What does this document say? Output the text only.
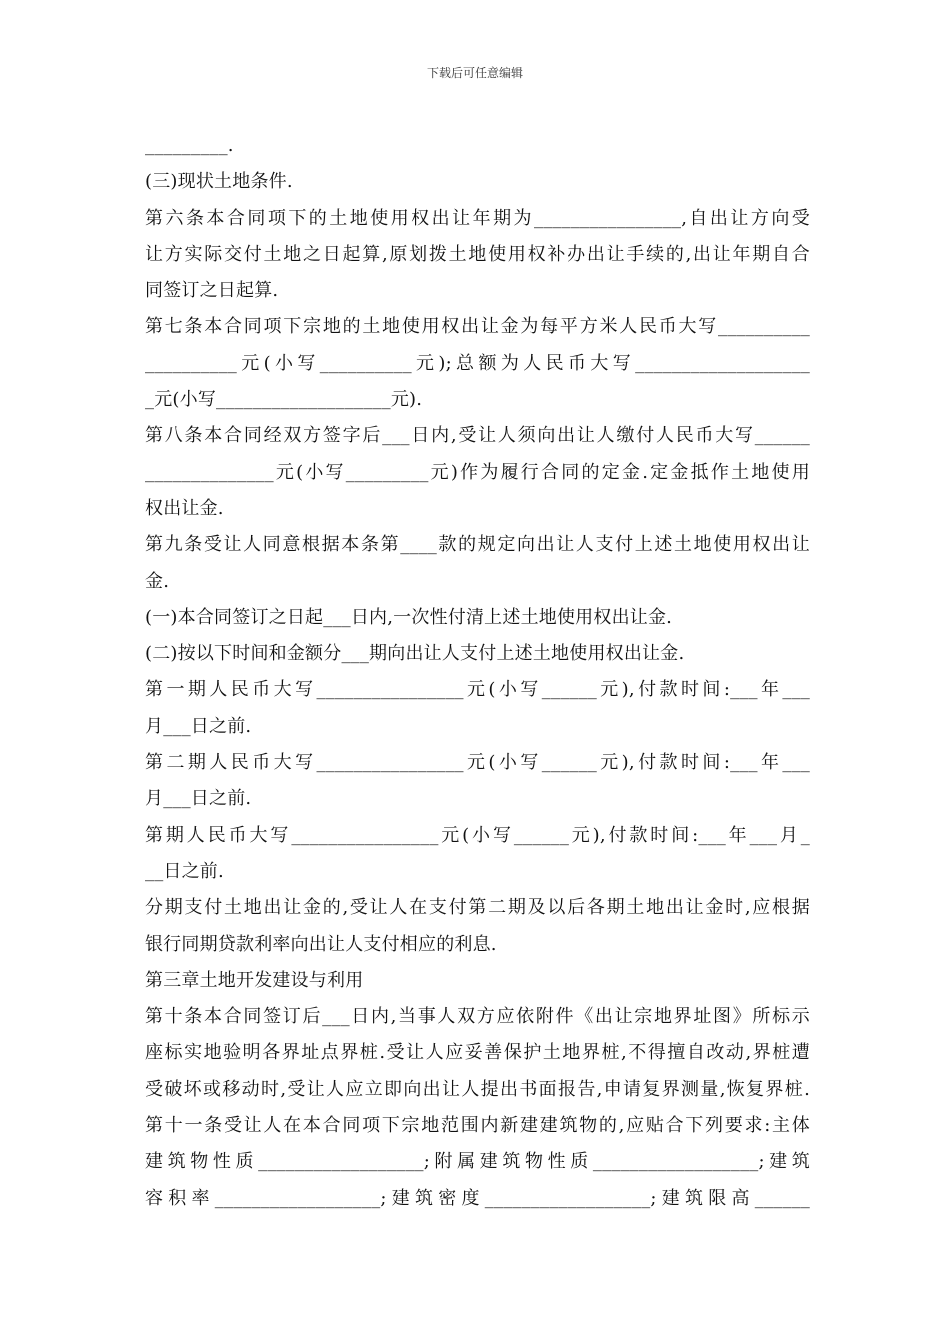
下载后可任意编辑
_________.
(三)现状土地条件.
第六条本合同项下的土地使用权出让年期为________________,自出让方向受
让方实际交付土地之日起算,原划拨土地使用权补办出让手续的,出让年期自合
同签订之日起算.
第七条本合同项下宗地的土地使用权出让金为每平方米人民币大写__________
__________元(小写__________元);总额为人民币大写___________________
_元(小写___________________元).
第八条本合同经双方签字后___日内,受让人须向出让人缴付人民币大写______
______________元(小写_________元)作为履行合同的定金.定金抵作土地使用
权出让金.
第九条受让人同意根据本条第____款的规定向出让人支付上述土地使用权出让
金.
(一)本合同签订之日起___日内,一次性付清上述土地使用权出让金.
(二)按以下时间和金额分___期向出让人支付上述土地使用权出让金.
第一期人民币大写________________元(小写______元),付款时间:___年___
月___日之前.
第二期人民币大写________________元(小写______元),付款时间:___年___
月___日之前.
第期人民币大写________________元(小写______元),付款时间:___年___月_
__日之前.
分期支付土地出让金的,受让人在支付第二期及以后各期土地出让金时,应根据
银行同期贷款利率向出让人支付相应的利息.
第三章土地开发建设与利用
第十条本合同签订后___日内,当事人双方应依附件《出让宗地界址图》所标示
座标实地验明各界址点界桩.受让人应妥善保护土地界桩,不得擅自改动,界桩遭
受破坏或移动时,受让人应立即向出让人提出书面报告,申请复界测量,恢复界桩.
第十一条受让人在本合同项下宗地范围内新建建筑物的,应贴合下列要求:主体
建筑物性质__________________;附属建筑物性质__________________;建筑
容积率__________________;建筑密度__________________;建筑限高______
